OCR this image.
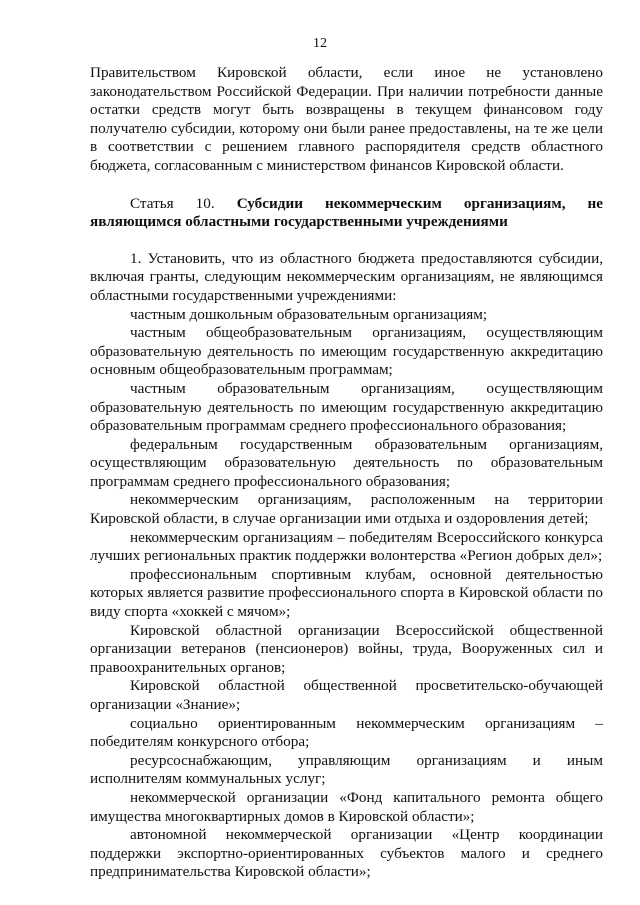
12

Правительством Кировской области, если иное не установлено законодательством Российской Федерации. При наличии потребности данные остатки средств могут быть возвращены в текущем финансовом году получателю субсидии, которому они были ранее предоставлены, на те же цели в соответствии с решением главного распорядителя средств областного бюджета, согласованным с министерством финансов Кировской области.

Статья 10. Субсидии некоммерческим организациям, не являющимся областными государственными учреждениями

1. Установить, что из областного бюджета предоставляются субсидии, включая гранты, следующим некоммерческим организациям, не являющимся областными государственными учреждениями:

частным дошкольным образовательным организациям;

частным общеобразовательным организациям, осуществляющим образовательную деятельность по имеющим государственную аккредитацию основным общеобразовательным программам;

частным образовательным организациям, осуществляющим образовательную деятельность по имеющим государственную аккредитацию образовательным программам среднего профессионального образования;

федеральным государственным образовательным организациям, осуществляющим образовательную деятельность по образовательным программам среднего профессионального образования;

некоммерческим организациям, расположенным на территории Кировской области, в случае организации ими отдыха и оздоровления детей;

некоммерческим организациям – победителям Всероссийского конкурса лучших региональных практик поддержки волонтерства «Регион добрых дел»;

профессиональным спортивным клубам, основной деятельностью которых является развитие профессионального спорта в Кировской области по виду спорта «хоккей с мячом»;

Кировской областной организации Всероссийской общественной организации ветеранов (пенсионеров) войны, труда, Вооруженных сил и правоохранительных органов;

Кировской областной общественной просветительско-обучающей организации «Знание»;

социально ориентированным некоммерческим организациям – победителям конкурсного отбора;

ресурсоснабжающим, управляющим организациям и иным исполнителям коммунальных услуг;

некоммерческой организации «Фонд капитального ремонта общего имущества многоквартирных домов в Кировской области»;

автономной некоммерческой организации «Центр координации поддержки экспортно-ориентированных субъектов малого и среднего предпринимательства Кировской области»;
